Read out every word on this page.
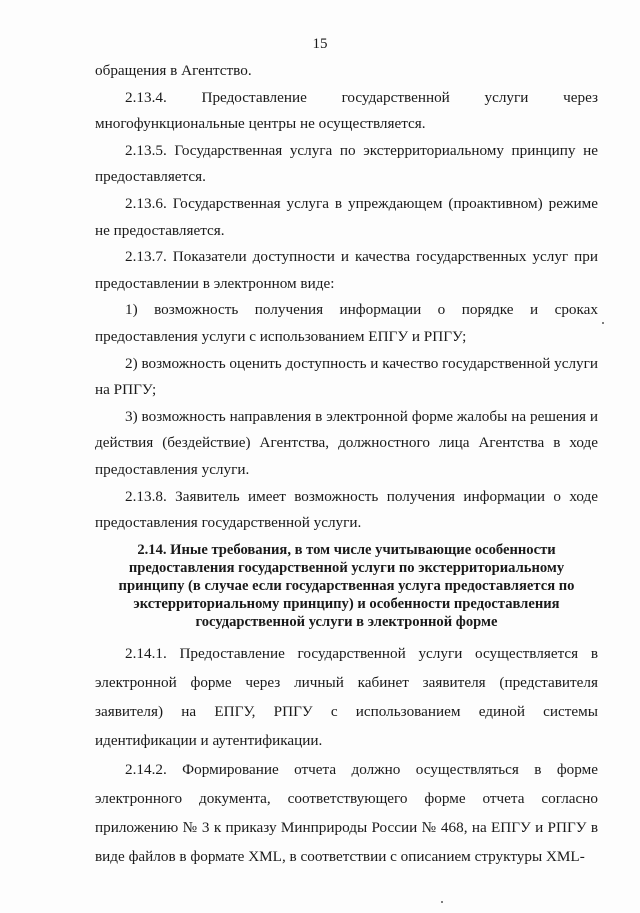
15

обращения в Агентство.

2.13.4. Предоставление государственной услуги через многофункциональные центры не осуществляется.

2.13.5. Государственная услуга по экстерриториальному принципу не предоставляется.

2.13.6. Государственная услуга в упреждающем (проактивном) режиме не предоставляется.

2.13.7. Показатели доступности и качества государственных услуг при предоставлении в электронном виде:

1) возможность получения информации о порядке и сроках предоставления услуги с использованием ЕПГУ и РПГУ;

2) возможность оценить доступность и качество государственной услуги на РПГУ;

3) возможность направления в электронной форме жалобы на решения и действия (бездействие) Агентства, должностного лица Агентства в ходе предоставления услуги.

2.13.8. Заявитель имеет возможность получения информации о ходе предоставления государственной услуги.

2.14. Иные требования, в том числе учитывающие особенности предоставления государственной услуги по экстерриториальному принципу (в случае если государственная услуга предоставляется по экстерриториальному принципу) и особенности предоставления государственной услуги в электронной форме

2.14.1. Предоставление государственной услуги осуществляется в электронной форме через личный кабинет заявителя (представителя заявителя) на ЕПГУ, РПГУ с использованием единой системы идентификации и аутентификации.

2.14.2. Формирование отчета должно осуществляться в форме электронного документа, соответствующего форме отчета согласно приложению № 3 к приказу Минприроды России № 468, на ЕПГУ и РПГУ в виде файлов в формате XML, в соответствии с описанием структуры XML-
